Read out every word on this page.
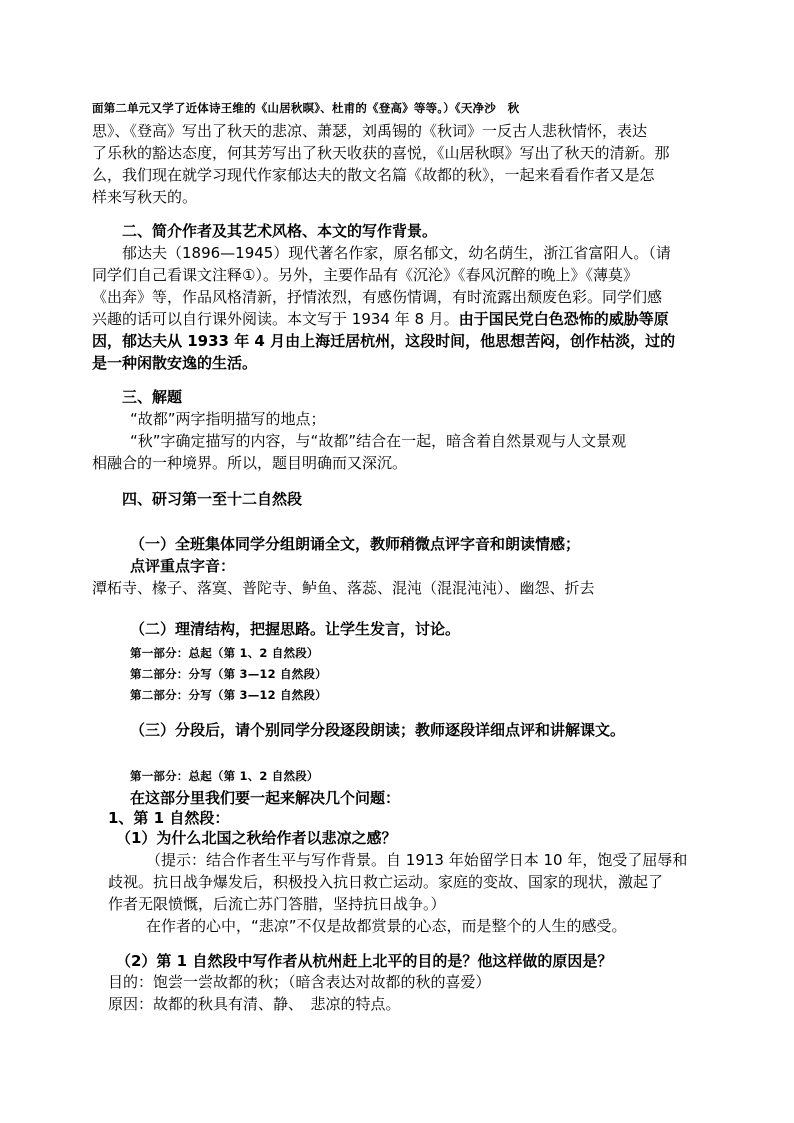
面第二单元又学了近体诗王维的《山居秋暝》、杜甫的《登高》等等。）《天净沙　秋
思》、《登高》写出了秋天的悲凉、萧瑟，刘禹锡的《秋词》一反古人悲秋情怀，表达
了乐秋的豁达态度，何其芳写出了秋天收获的喜悦，《山居秋暝》写出了秋天的清新。那
么，我们现在就学习现代作家郁达夫的散文名篇《故都的秋》，一起来看看作者又是怎
样来写秋天的。
二、简介作者及其艺术风格、本文的写作背景。
郁达夫（1896—1945）现代著名作家，原名郁文，幼名荫生，浙江省富阳人。（请
同学们自己看课文注释①）。另外，主要作品有《沉沦》《春风沉醉的晚上》《薄莫》
《出奔》等，作品风格清新，抒情浓烈，有感伤情调，有时流露出颓废色彩。同学们感
兴趣的话可以自行课外阅读。本文写于 1934 年 8 月。由于国民党白色恐怖的威胁等原
因，郁达夫从 1933 年 4 月由上海迁居杭州，这段时间，他思想苦闷，创作枯淡，过的
是一种闲散安逸的生活。
三、解题
“故都”两字指明描写的地点；
“秋”字确定描写的内容，与“故都”结合在一起，暗含着自然景观与人文景观
相融合的一种境界。所以，题目明确而又深沉。
四、研习第一至十二自然段
（一）全班集体同学分组朗诵全文，教师稍微点评字音和朗读情感；
点评重点字音：
潭柘寺、椽子、落寞、普陀寺、鲈鱼、落蕊、混沌（混混沌沌）、幽怨、折去
（二）理清结构，把握思路。让学生发言，讨论。
第一部分：总起（第 1、2 自然段）
第二部分：分写（第 3—12 自然段）
第二部分：分写（第 3—12 自然段）
（三）分段后，请个别同学分段逐段朗读；教师逐段详细点评和讲解课文。
第一部分：总起（第 1、2 自然段）
在这部分里我们要一起来解决几个问题：
1、第 1 自然段：
（1）为什么北国之秋给作者以悲凉之感？
（提示：结合作者生平与写作背景。自 1913 年始留学日本 10 年，饱受了屈辱和
歧视。抗日战争爆发后，积极投入抗日救亡运动。家庭的变故、国家的现状，激起了
作者无限愤慨，后流亡苏门答腊，坚持抗日战争。）
在作者的心中，“悲凉”不仅是故都赏景的心态，而是整个的人生的感受。
（2）第 1 自然段中写作者从杭州赶上北平的目的是？他这样做的原因是？
目的：饱尝一尝故都的秋；（暗含表达对故都的秋的喜爱）
原因：故都的秋具有清、静、　悲凉的特点。
